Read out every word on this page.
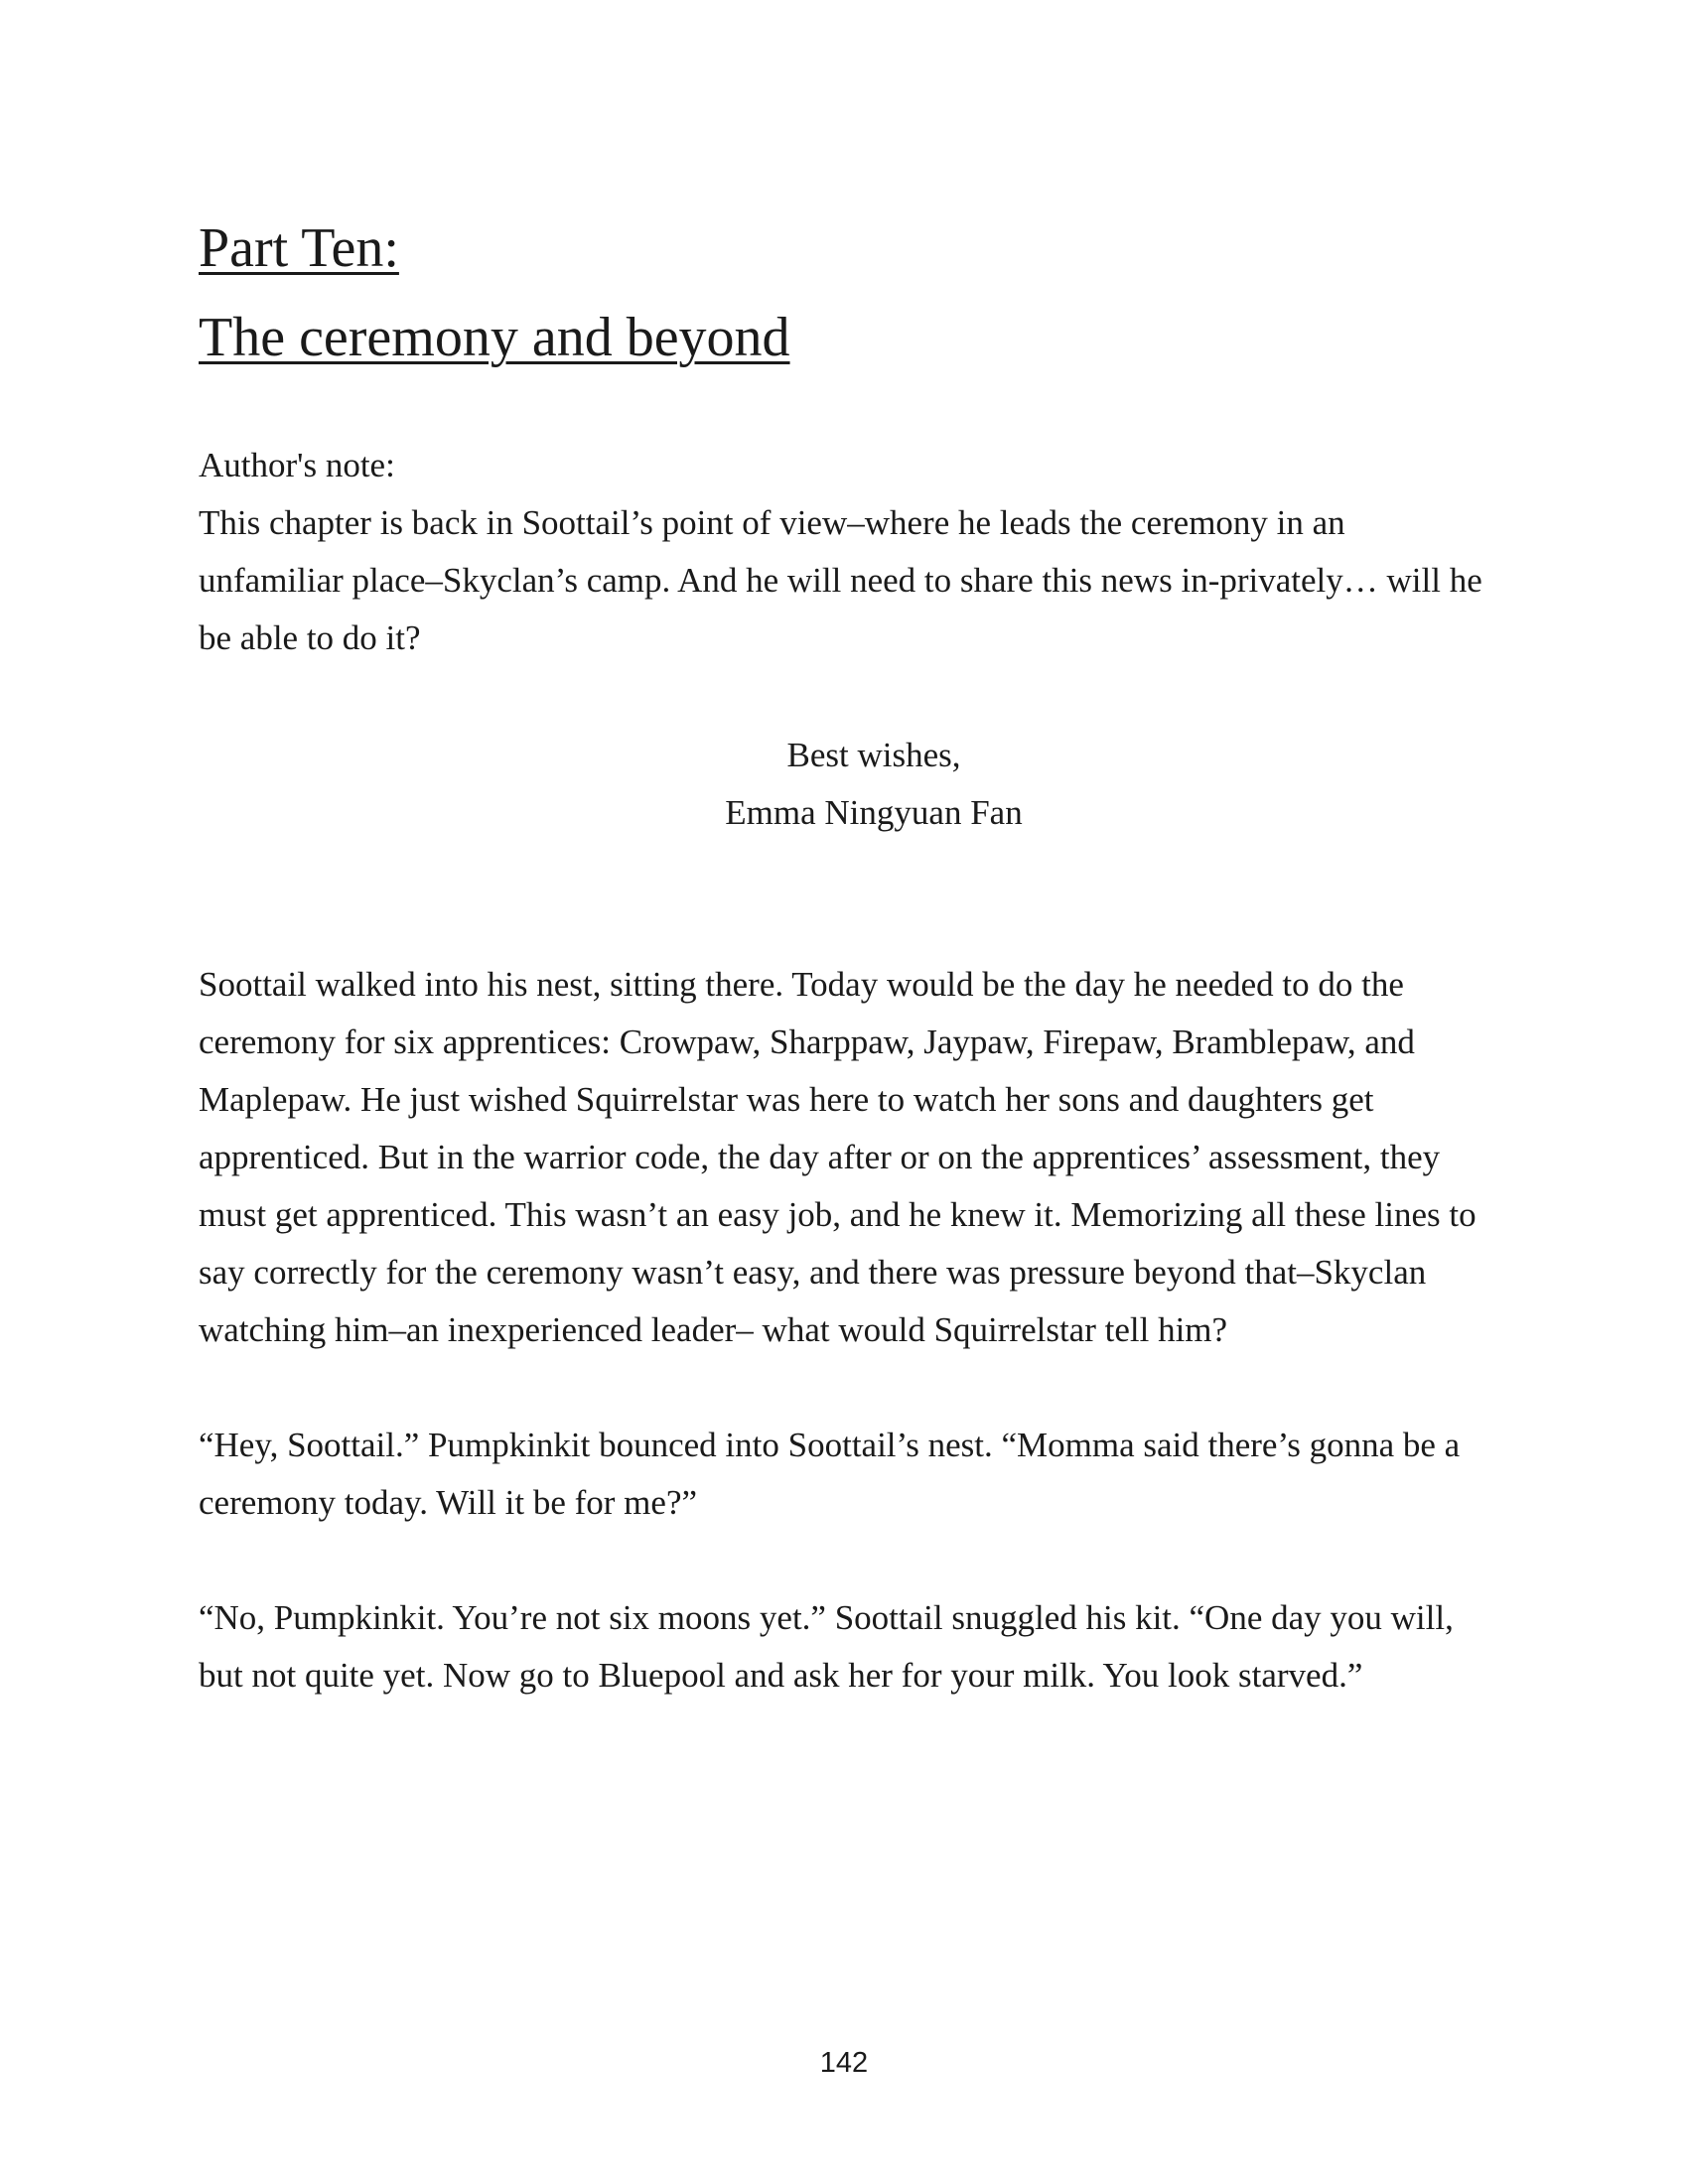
Part Ten:
The ceremony and beyond

Author's note:

This chapter is back in Soottail’s point of view–where he leads the ceremony in an unfamiliar place–Skyclan’s camp. And he will need to share this news in-privately… will he be able to do it?

Best wishes,

Emma Ningyuan Fan

Soottail walked into his nest, sitting there. Today would be the day he needed to do the ceremony for six apprentices: Crowpaw, Sharppaw, Jaypaw, Firepaw, Bramblepaw, and Maplepaw. He just wished Squirrelstar was here to watch her sons and daughters get apprenticed. But in the warrior code, the day after or on the apprentices’ assessment, they must get apprenticed. This wasn’t an easy job, and he knew it. Memorizing all these lines to say correctly for the ceremony wasn’t easy, and there was pressure beyond that–Skyclan watching him–an inexperienced leader– what would Squirrelstar tell him?

“Hey, Soottail.” Pumpkinkit bounced into Soottail’s nest. “Momma said there’s gonna be a ceremony today. Will it be for me?”

“No, Pumpkinkit. You’re not six moons yet.” Soottail snuggled his kit. “One day you will, but not quite yet. Now go to Bluepool and ask her for your milk. You look starved.”

142
